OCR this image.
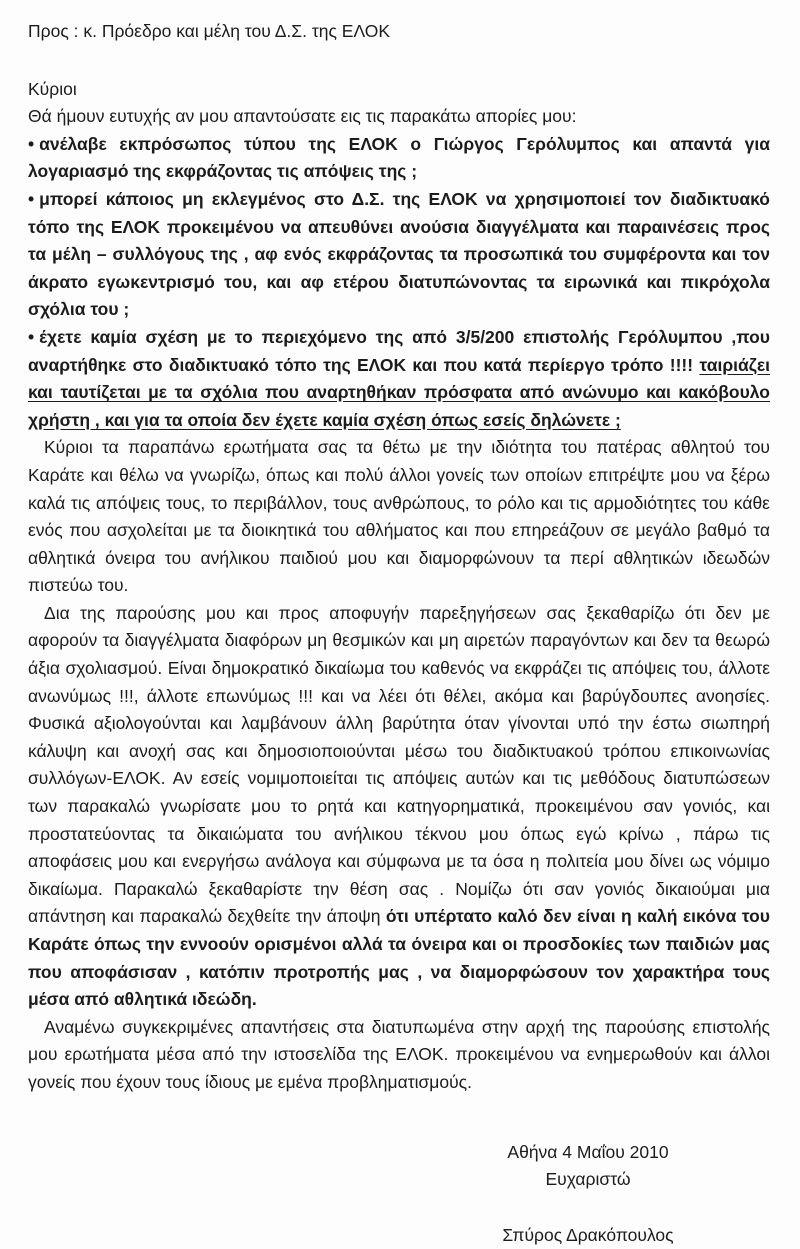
Προς : κ. Πρόεδρο και μέλη του Δ.Σ. της ΕΛΟΚ

Κύριοι

Θά ήμουν ευτυχής αν μου απαντούσατε εις τις παρακάτω απορίες μου:

• ανέλαβε εκπρόσωπος τύπου της ΕΛΟΚ ο Γιώργος Γερόλυμπος και απαντά για λογαριασμό της εκφράζοντας τις απόψεις της ;

• μπορεί κάποιος μη εκλεγμένος στο Δ.Σ. της ΕΛΟΚ να χρησιμοποιεί τον διαδικτυακό τόπο της ΕΛΟΚ προκειμένου να απευθύνει ανούσια διαγγέλματα και παραινέσεις προς τα μέλη – συλλόγους της , αφ ενός εκφράζοντας τα προσωπικά του συμφέροντα και τον άκρατο εγωκεντρισμό του, και αφ ετέρου διατυπώνοντας τα ειρωνικά και πικρόχολα σχόλια του ;

• έχετε καμία σχέση με το περιεχόμενο της από 3/5/200 επιστολής Γερόλυμπου ,που αναρτήθηκε στο διαδικτυακό τόπο της ΕΛΟΚ και που κατά περίεργο τρόπο !!!! ταιριάζει και ταυτίζεται με τα σχόλια που αναρτηθήκαν πρόσφατα από ανώνυμο και κακόβουλο χρήστη , και για τα οποία δεν έχετε καμία σχέση όπως εσείς δηλώνετε ;

Κύριοι τα παραπάνω ερωτήματα σας τα θέτω με την ιδιότητα του πατέρας αθλητού του Καράτε και θέλω να γνωρίζω, όπως και πολύ άλλοι γονείς των οποίων επιτρέψτε μου να ξέρω καλά τις απόψεις τους, το περιβάλλον, τους ανθρώπους, το ρόλο και τις αρμοδιότητες του κάθε ενός που ασχολείται με τα διοικητικά του αθλήματος και που επηρεάζουν σε μεγάλο βαθμό τα αθλητικά όνειρα του ανήλικου παιδιού μου και διαμορφώνουν τα περί αθλητικών ιδεωδών πιστεύω του.

Δια της παρούσης μου και προς αποφυγήν παρεξηγήσεων σας ξεκαθαρίζω ότι δεν με αφορούν τα διαγγέλματα διαφόρων μη θεσμικών και μη αιρετών παραγόντων και δεν τα θεωρώ άξια σχολιασμού. Είναι δημοκρατικό δικαίωμα του καθενός να εκφράζει τις απόψεις του, άλλοτε ανωνύμως !!!, άλλοτε επωνύμως !!! και να λέει ότι θέλει, ακόμα και βαρύγδουπες ανοησίες. Φυσικά αξιολογούνται και λαμβάνουν άλλη βαρύτητα όταν γίνονται υπό την έστω σιωπηρή κάλυψη και ανοχή σας και δημοσιοποιούνται μέσω του διαδικτυακού τρόπου επικοινωνίας συλλόγων-ΕΛΟΚ. Αν εσείς νομιμοποιείται τις απόψεις αυτών και τις μεθόδους διατυπώσεων των παρακαλώ γνωρίσατε μου το ρητά και κατηγορηματικά, προκειμένου σαν γονιός, και προστατεύοντας τα δικαιώματα του ανήλικου τέκνου μου όπως εγώ κρίνω , πάρω τις αποφάσεις μου και ενεργήσω ανάλογα και σύμφωνα με τα όσα η πολιτεία μου δίνει ως νόμιμο δικαίωμα. Παρακαλώ ξεκαθαρίστε την θέση σας . Νομίζω ότι σαν γονιός δικαιούμαι μια απάντηση και παρακαλώ δεχθείτε την άποψη ότι υπέρτατο καλό δεν είναι η καλή εικόνα του Καράτε όπως την εννοούν ορισμένοι αλλά τα όνειρα και οι προσδοκίες των παιδιών μας που αποφάσισαν , κατόπιν προτροπής μας , να διαμορφώσουν τον χαρακτήρα τους μέσα από αθλητικά ιδεώδη.

Αναμένω συγκεκριμένες απαντήσεις στα διατυπωμένα στην αρχή της παρούσης επιστολής μου ερωτήματα μέσα από την ιστοσελίδα της ΕΛΟΚ. προκειμένου να ενημερωθούν και άλλοι γονείς που έχουν τους ίδιους με εμένα προβληματισμούς.

Αθήνα 4 Μαΐου 2010

Ευχαριστώ

Σπύρος Δρακόπουλος
